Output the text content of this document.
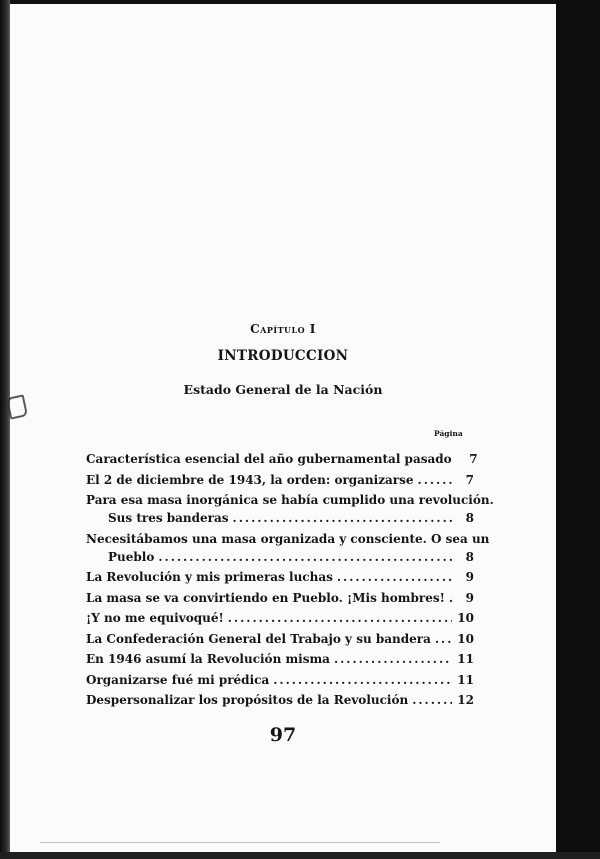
Capítulo I
INTRODUCCION
Estado General de la Nación
Página
Característica esencial del año gubernamental pasado	7
El 2 de diciembre de 1943, la orden: organizarse .....	7
Para esa masa inorgánica se había cumplido una revolución.
Sus tres banderas .....	8
Necesitábamos una masa organizada y consciente. O sea un
Pueblo .....	8
La Revolución y mis primeras luchas .....	9
La masa se va convirtiendo en Pueblo. ¡Mis hombres! .....	9
¡Y no me equivoqué! .....	10
La Confederación General del Trabajo y su bandera ..... 10
En 1946 asumí la Revolución misma .....	11
Organizarse fué mi prédica .....	11
Despersonalizar los propósitos de la Revolución .....	12
97
